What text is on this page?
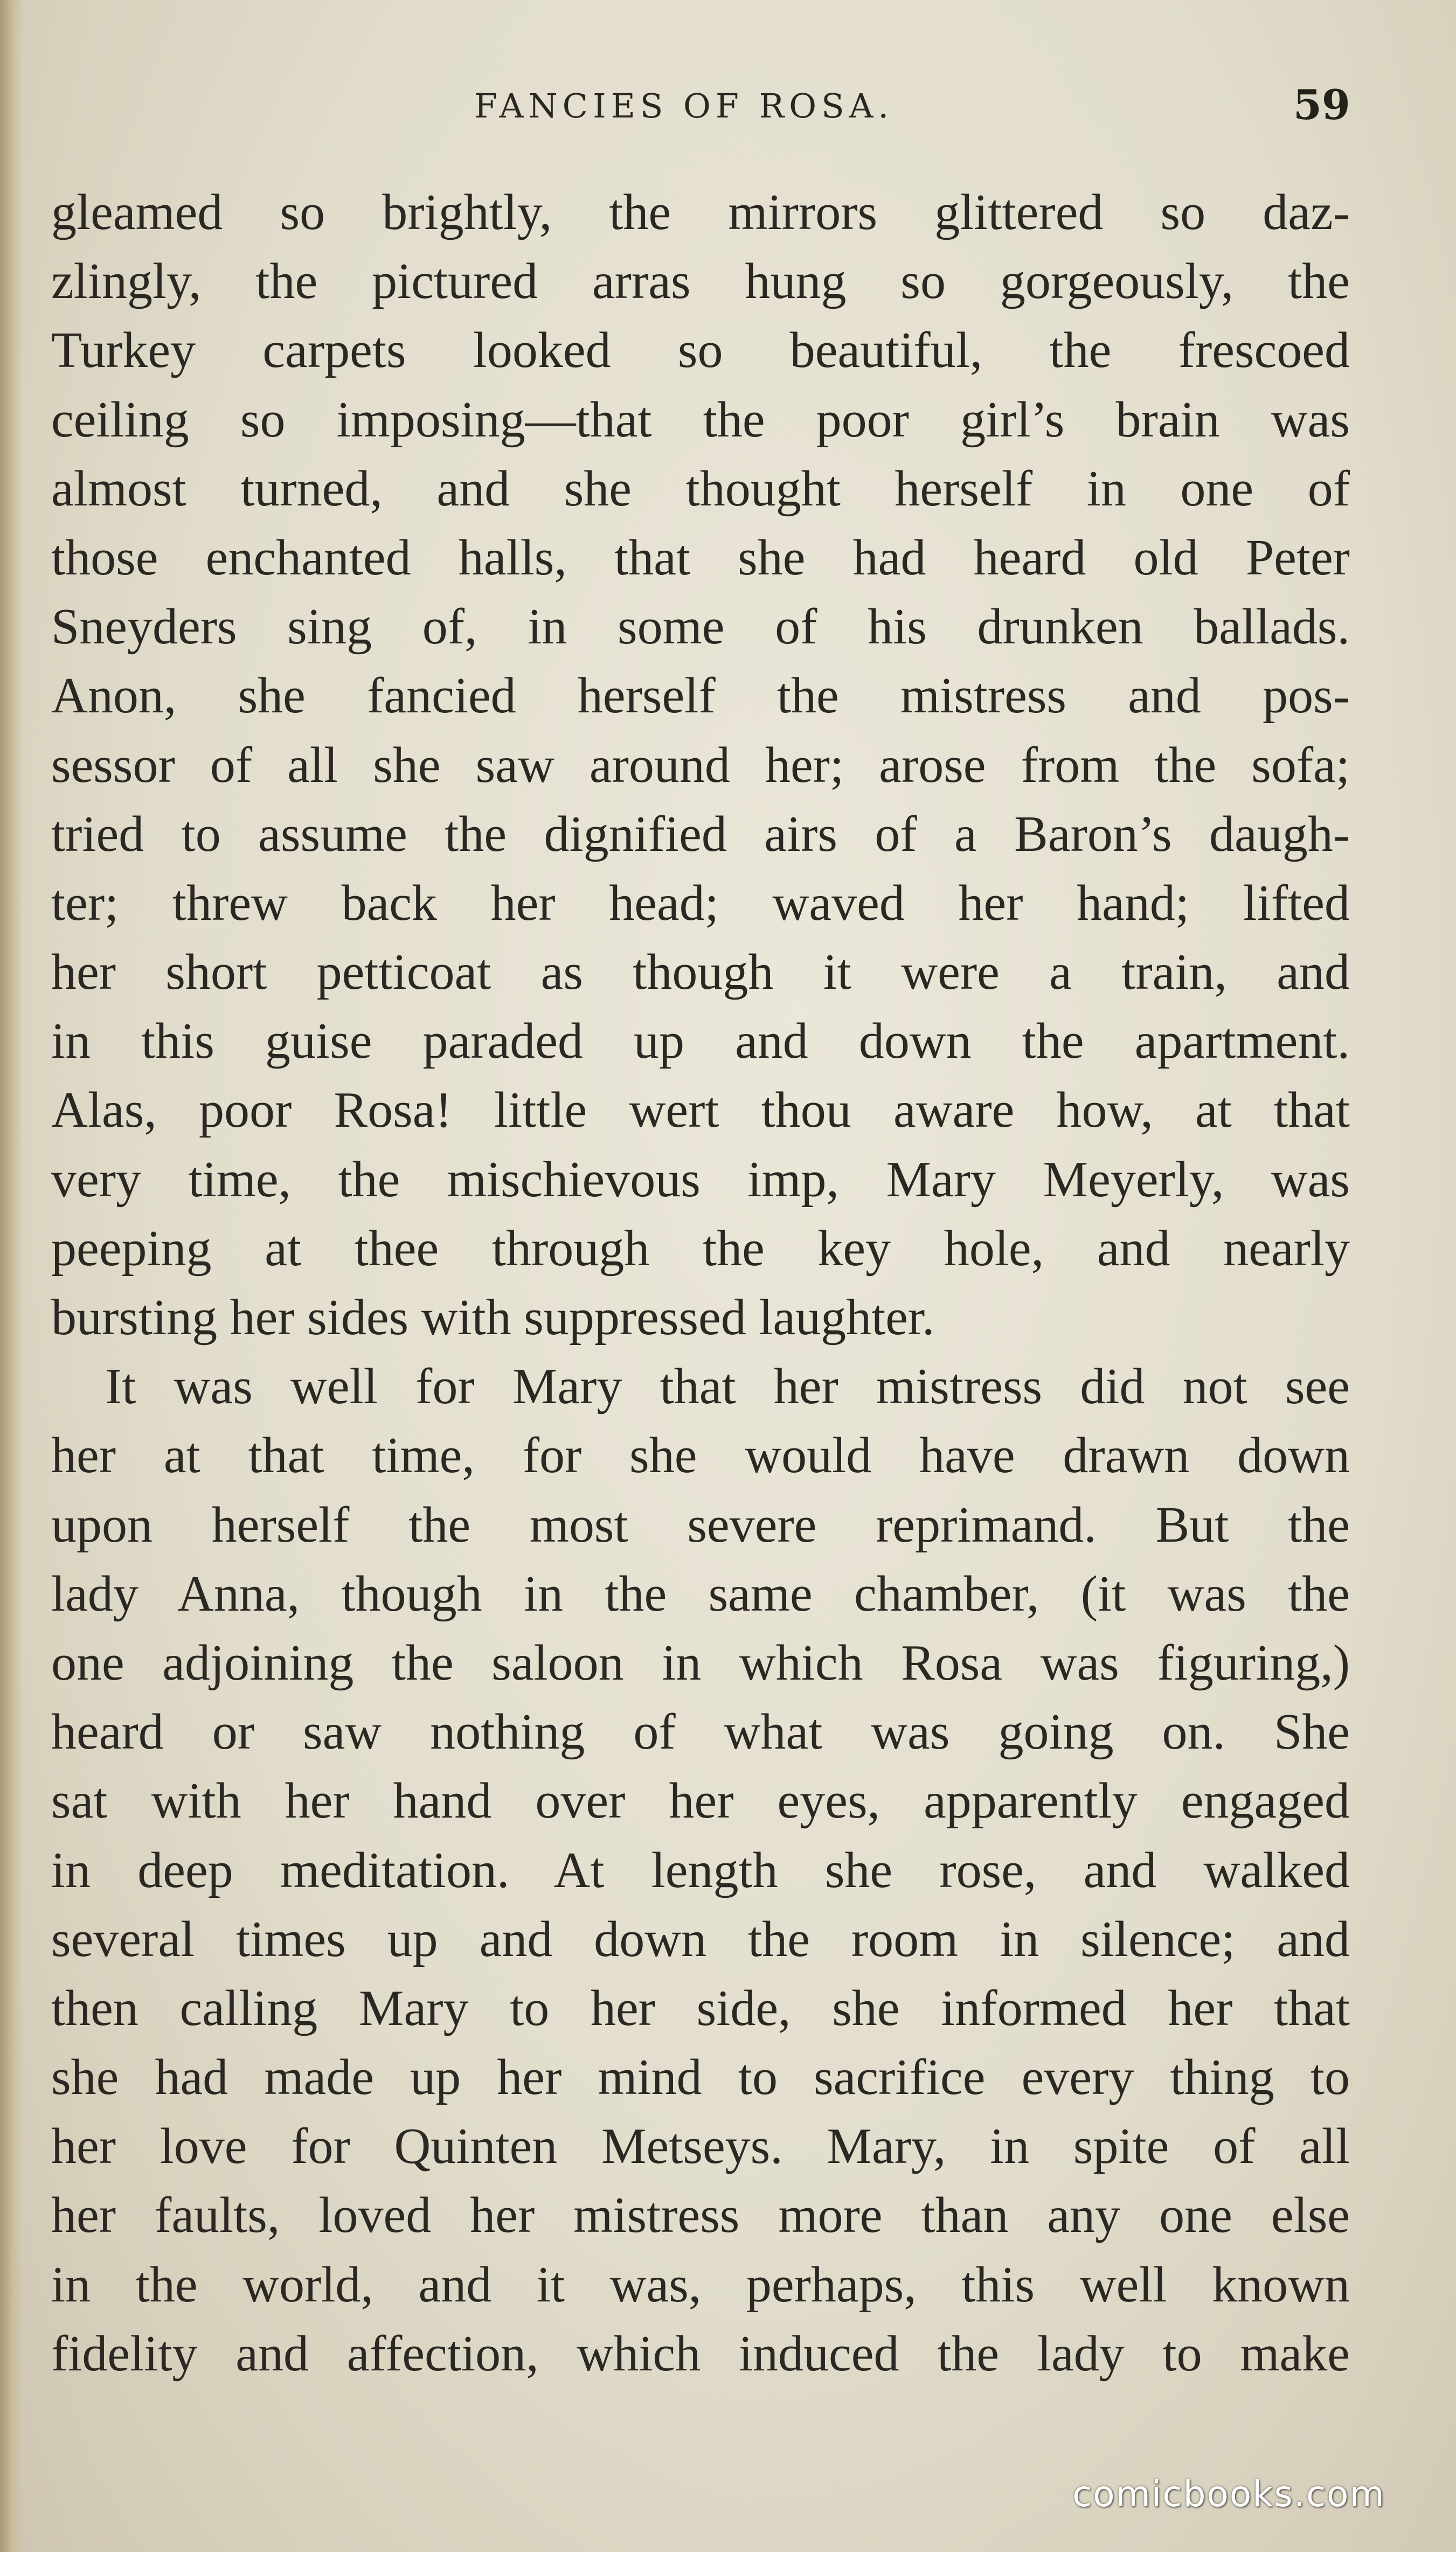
FANCIES OF ROSA.	59
gleamed so brightly, the mirrors glittered so daz-
zlingly, the pictured arras hung so gorgeously, the
Turkey carpets looked so beautiful, the frescoed
ceiling so imposing—that the poor girl’s brain was
almost turned, and she thought herself in one of
those enchanted halls, that she had heard old Peter
Sneyders sing of, in some of his drunken ballads.
Anon, she fancied herself the mistress and pos-
sessor of all she saw around her; arose from the sofa;
tried to assume the dignified airs of a Baron’s daugh-
ter; threw back her head; waved her hand; lifted
her short petticoat as though it were a train, and
in this guise paraded up and down the apartment.
Alas, poor Rosa! little wert thou aware how, at that
very time, the mischievous imp, Mary Meyerly, was
peeping at thee through the key hole, and nearly
bursting her sides with suppressed laughter.
It was well for Mary that her mistress did not see
her at that time, for she would have drawn down
upon herself the most severe reprimand. But the
lady Anna, though in the same chamber, (it was the
one adjoining the saloon in which Rosa was figuring,)
heard or saw nothing of what was going on. She
sat with her hand over her eyes, apparently engaged
in deep meditation. At length she rose, and walked
several times up and down the room in silence; and
then calling Mary to her side, she informed her that
she had made up her mind to sacrifice every thing to
her love for Quinten Metseys. Mary, in spite of all
her faults, loved her mistress more than any one else
in the world, and it was, perhaps, this well known
fidelity and affection, which induced the lady to make
comicbooks.com
